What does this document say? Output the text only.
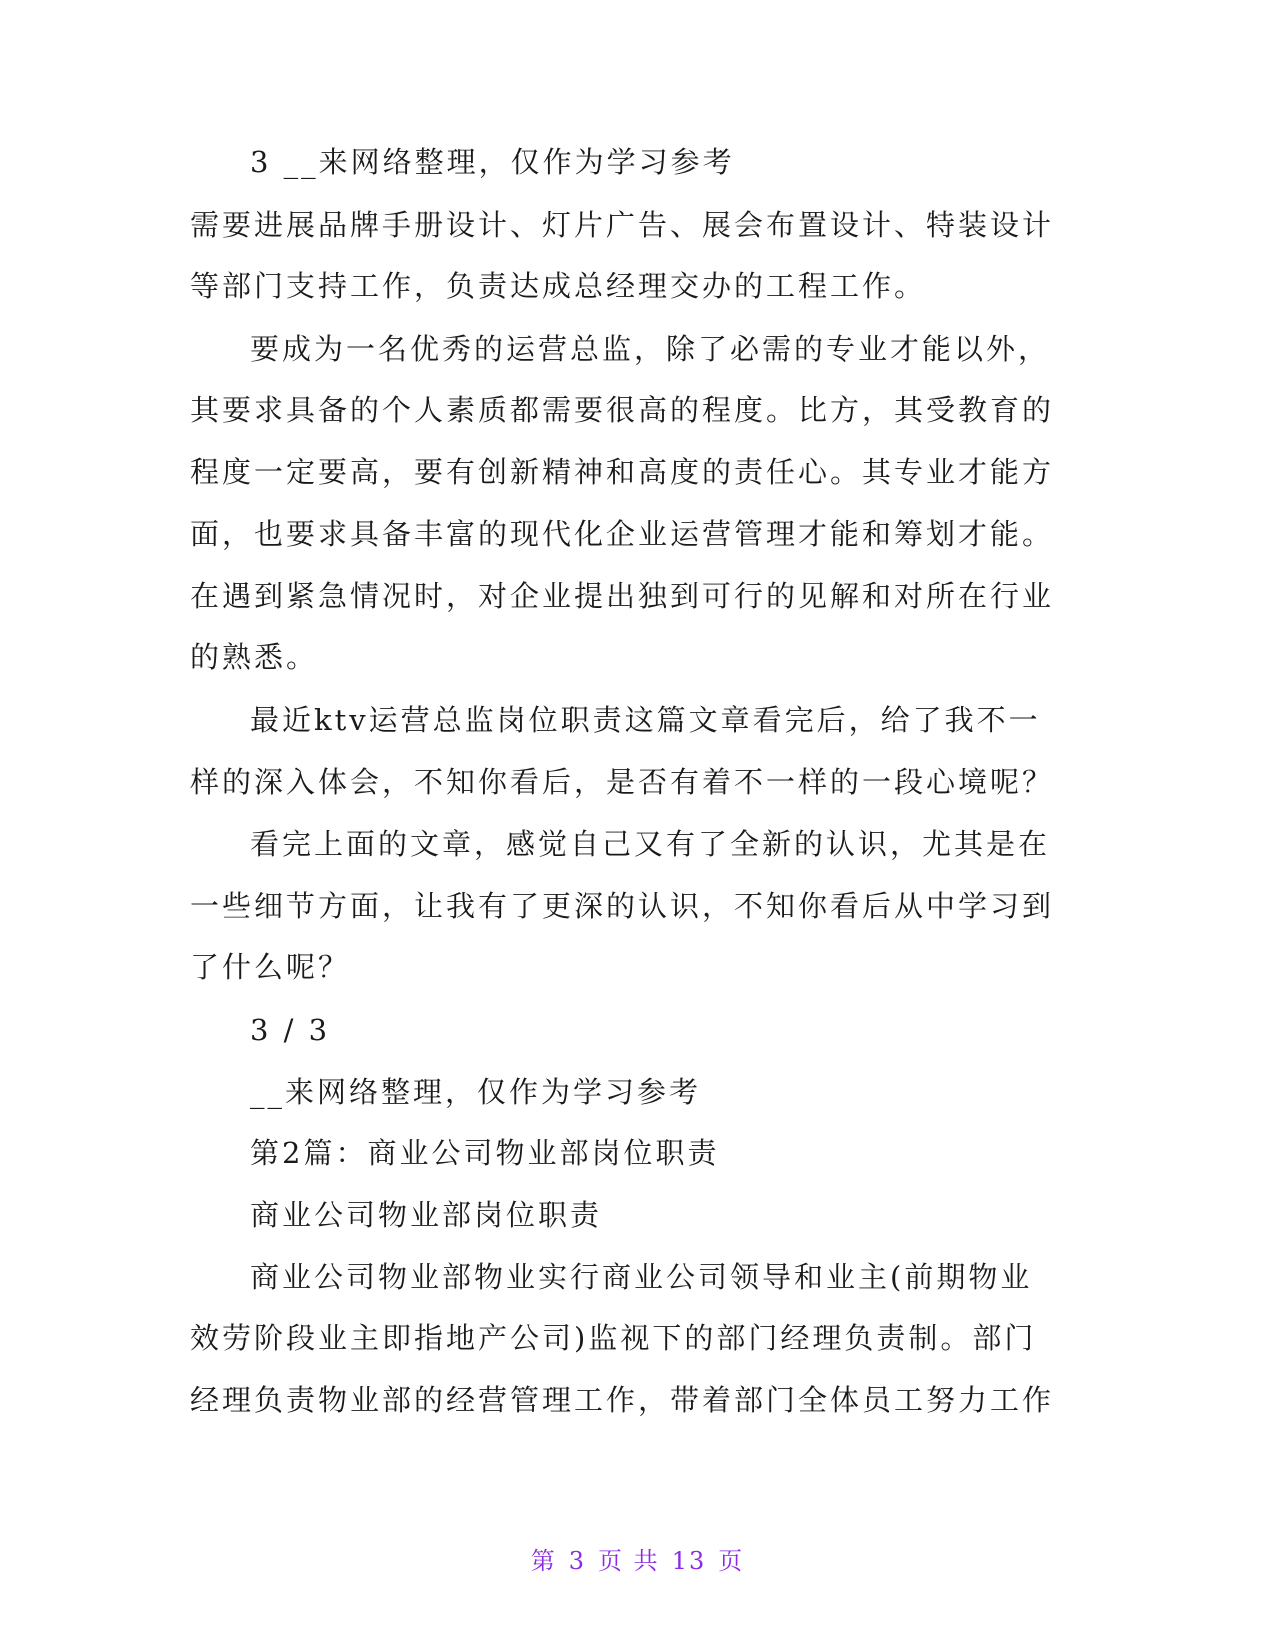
3 __来网络整理，仅作为学习参考
需要进展品牌手册设计、灯片广告、展会布置设计、特装设计
等部门支持工作，负责达成总经理交办的工程工作。
要成为一名优秀的运营总监，除了必需的专业才能以外，
其要求具备的个人素质都需要很高的程度。比方，其受教育的
程度一定要高，要有创新精神和高度的责任心。其专业才能方
面，也要求具备丰富的现代化企业运营管理才能和筹划才能。
在遇到紧急情况时，对企业提出独到可行的见解和对所在行业
的熟悉。
最近ktv运营总监岗位职责这篇文章看完后，给了我不一
样的深入体会，不知你看后，是否有着不一样的一段心境呢？
看完上面的文章，感觉自己又有了全新的认识，尤其是在
一些细节方面，让我有了更深的认识，不知你看后从中学习到
了什么呢？
3 / 3
__来网络整理，仅作为学习参考
第2篇：商业公司物业部岗位职责
商业公司物业部岗位职责
商业公司物业部物业实行商业公司领导和业主(前期物业
效劳阶段业主即指地产公司)监视下的部门经理负责制。部门
经理负责物业部的经营管理工作，带着部门全体员工努力工作
第 3 页 共 13 页
